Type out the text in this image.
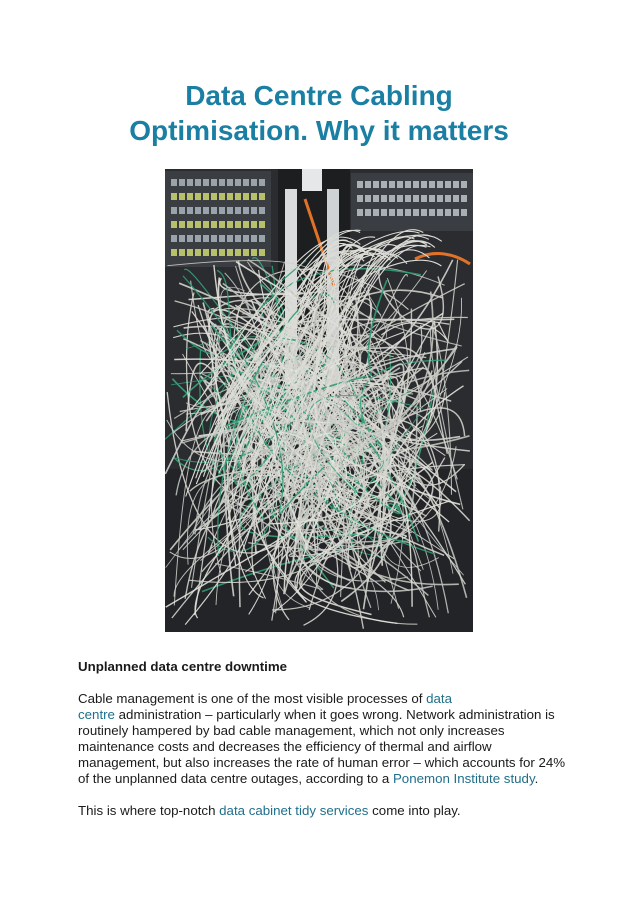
Data Centre Cabling
Optimisation. Why it matters
Unplanned data centre downtime
Cable management is one of the most visible processes of data
centre administration – particularly when it goes wrong. Network administration is routinely hampered by bad cable management, which not only increases maintenance costs and decreases the efficiency of thermal and airflow management, but also increases the rate of human error – which accounts for 24% of the unplanned data centre outages, according to a Ponemon Institute study.
This is where top-notch data cabinet tidy services come into play.
